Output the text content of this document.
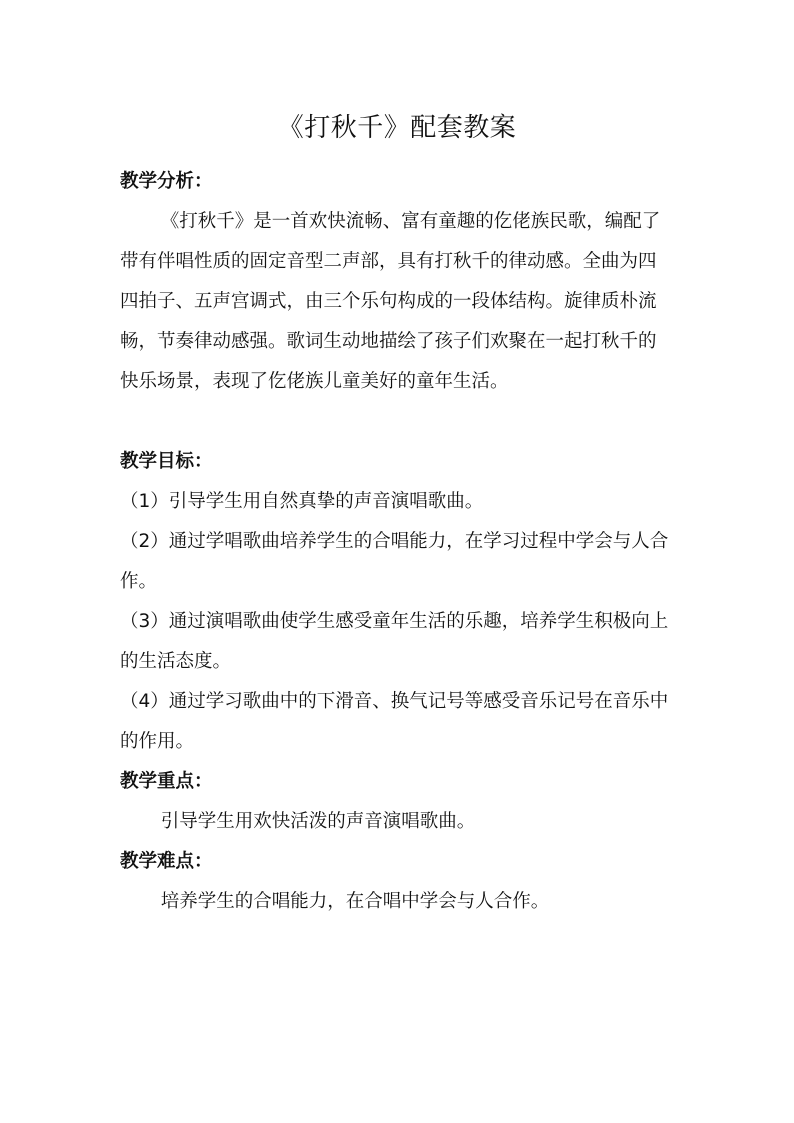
《打秋千》配套教案

教学分析：

《打秋千》是一首欢快流畅、富有童趣的仡佬族民歌，编配了带有伴唱性质的固定音型二声部，具有打秋千的律动感。全曲为四四拍子、五声宫调式，由三个乐句构成的一段体结构。旋律质朴流畅，节奏律动感强。歌词生动地描绘了孩子们欢聚在一起打秋千的快乐场景，表现了仡佬族儿童美好的童年生活。

教学目标：

（1）引导学生用自然真挚的声音演唱歌曲。

（2）通过学唱歌曲培养学生的合唱能力，在学习过程中学会与人合作。

（3）通过演唱歌曲使学生感受童年生活的乐趣，培养学生积极向上的生活态度。

（4）通过学习歌曲中的下滑音、换气记号等感受音乐记号在音乐中的作用。

教学重点：

引导学生用欢快活泼的声音演唱歌曲。

教学难点：

培养学生的合唱能力，在合唱中学会与人合作。
